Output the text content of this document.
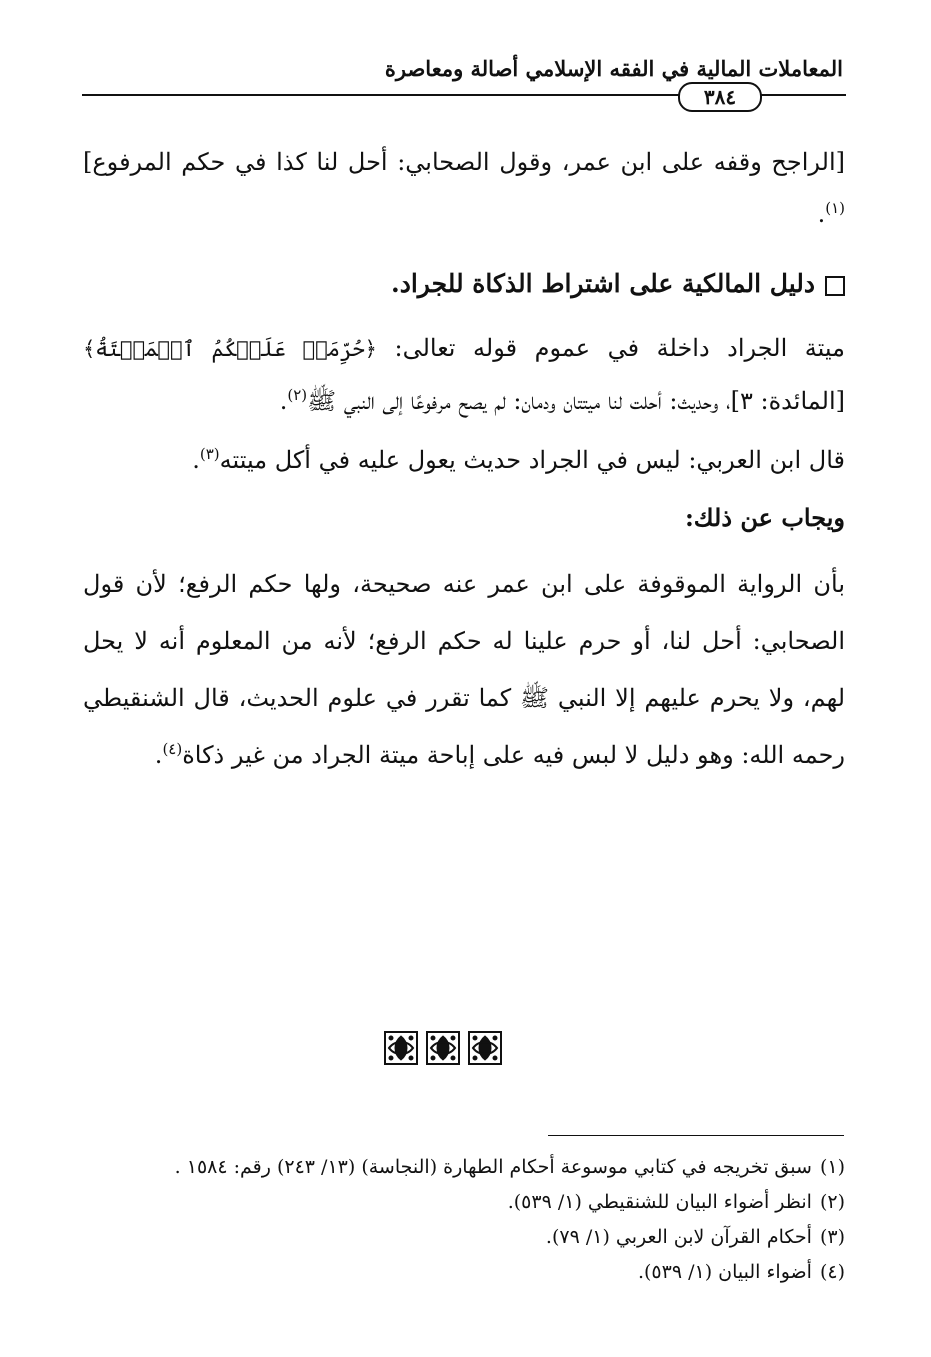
المعاملات المالية في الفقه الإسلامي أصالة ومعاصرة
٣٨٤
[الراجح وقفه على ابن عمر، وقول الصحابي: أحل لنا كذا في حكم المرفوع]$^{(١)}$.
دليل المالكية على اشتراط الذكاة للجراد.
ميتة الجراد داخلة في عموم قوله تعالى: ﴿حُرِّمَتۡ عَلَيۡكُمُ ٱلۡمَيۡتَةُ﴾ [المائدة: ٣]، وحديث: أحلت لنا ميتتان ودمان: لم يصح مرفوعًا إلى النبي ﷺ$^{(٢)}$.
قال ابن العربي: ليس في الجراد حديث يعول عليه في أكل ميتته$^{(٣)}$.
ويجاب عن ذلك:
بأن الرواية الموقوفة على ابن عمر عنه صحيحة، ولها حكم الرفع؛ لأن قول الصحابي: أحل لنا، أو حرم علينا له حكم الرفع؛ لأنه من المعلوم أنه لا يحل لهم، ولا يحرم عليهم إلا النبي ﷺ كما تقرر في علوم الحديث، قال الشنقيطي رحمه الله: وهو دليل لا لبس فيه على إباحة ميتة الجراد من غير ذكاة$^{(٤)}$.
(١)سبق تخريجه في كتابي موسوعة أحكام الطهارة (النجاسة) (١٣/ ٢٤٣) رقم: ١٥٨٤ .
(٢)انظر أضواء البيان للشنقيطي (١/ ٥٣٩).
(٣)أحكام القرآن لابن العربي (١/ ٧٩).
(٤)أضواء البيان (١/ ٥٣٩).
